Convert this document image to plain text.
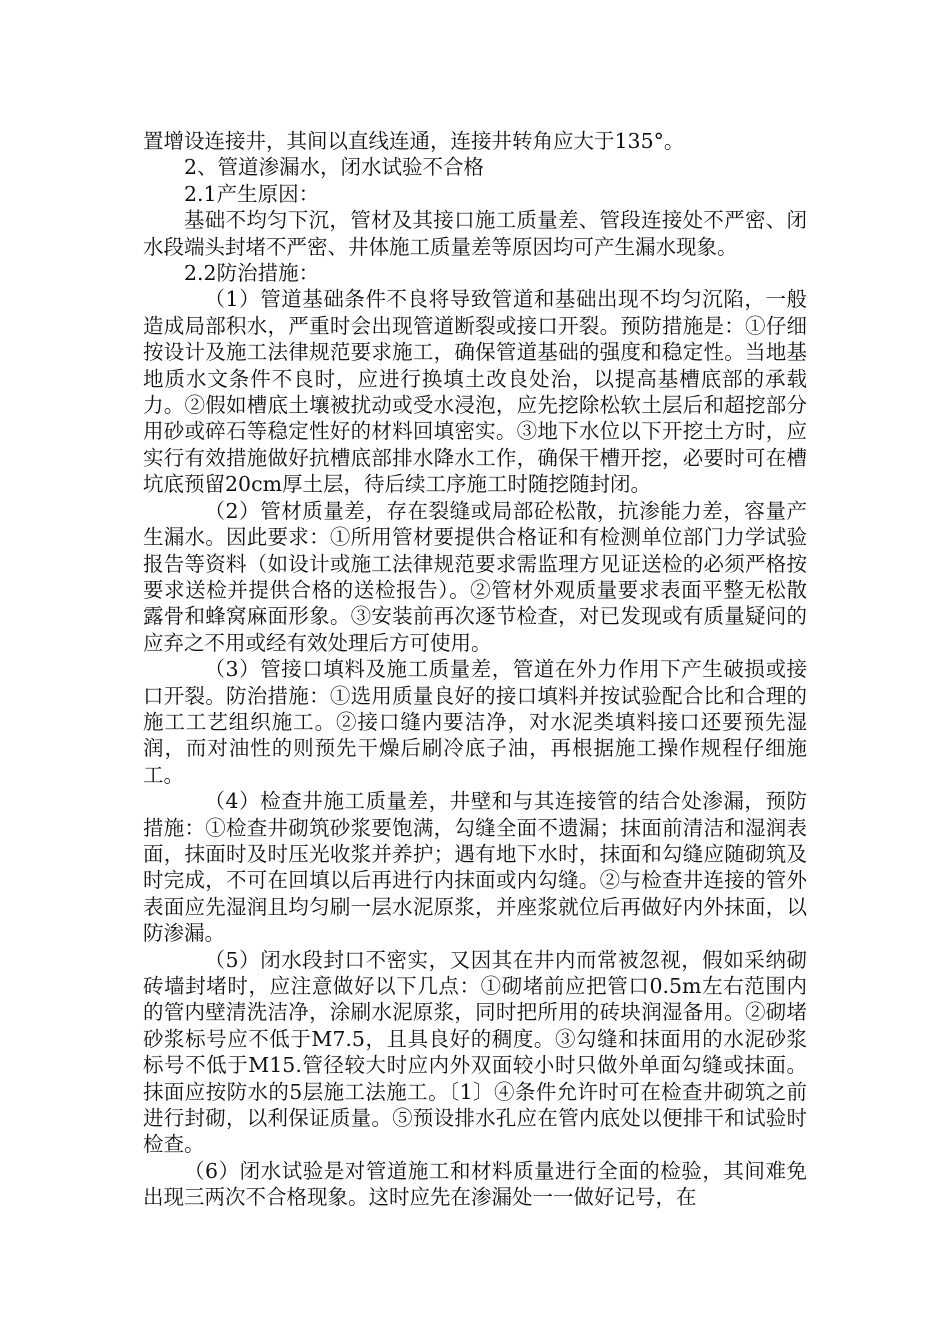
置增设连接井，其间以直线连通，连接井转角应大于135°。

2、管道渗漏水，闭水试验不合格

2.1产生原因：

基础不均匀下沉，管材及其接口施工质量差、管段连接处不严密、闭水段端头封堵不严密、井体施工质量差等原因均可产生漏水现象。

2.2防治措施：

（1）管道基础条件不良将导致管道和基础出现不均匀沉陷，一般造成局部积水，严重时会出现管道断裂或接口开裂。预防措施是：①仔细按设计及施工法律规范要求施工，确保管道基础的强度和稳定性。当地基地质水文条件不良时，应进行换填土改良处治，以提高基槽底部的承载力。②假如槽底土壤被扰动或受水浸泡，应先挖除松软土层后和超挖部分用砂或碎石等稳定性好的材料回填密实。③地下水位以下开挖土方时，应实行有效措施做好抗槽底部排水降水工作，确保干槽开挖，必要时可在槽坑底预留20cm厚土层，待后续工序施工时随挖随封闭。

（2）管材质量差，存在裂缝或局部砼松散，抗渗能力差，容量产生漏水。因此要求：①所用管材要提供合格证和有检测单位部门力学试验报告等资料（如设计或施工法律规范要求需监理方见证送检的必须严格按要求送检并提供合格的送检报告）。②管材外观质量要求表面平整无松散露骨和蜂窝麻面形象。③安装前再次逐节检查，对已发现或有质量疑问的应弃之不用或经有效处理后方可使用。

（3）管接口填料及施工质量差，管道在外力作用下产生破损或接口开裂。防治措施：①选用质量良好的接口填料并按试验配合比和合理的施工工艺组织施工。②接口缝内要洁净，对水泥类填料接口还要预先湿润，而对油性的则预先干燥后刷冷底子油，再根据施工操作规程仔细施工。

（4）检查井施工质量差，井壁和与其连接管的结合处渗漏，预防措施：①检查井砌筑砂浆要饱满，勾缝全面不遗漏；抹面前清洁和湿润表面，抹面时及时压光收浆并养护；遇有地下水时，抹面和勾缝应随砌筑及时完成，不可在回填以后再进行内抹面或内勾缝。②与检查井连接的管外表面应先湿润且均匀刷一层水泥原浆，并座浆就位后再做好内外抹面，以防渗漏。

（5）闭水段封口不密实，又因其在井内而常被忽视，假如采纳砌砖墙封堵时，应注意做好以下几点：①砌堵前应把管口0.5m左右范围内的管内壁清洗洁净，涂刷水泥原浆，同时把所用的砖块润湿备用。②砌堵砂浆标号应不低于M7.5，且具良好的稠度。③勾缝和抹面用的水泥砂浆标号不低于M15.管径较大时应内外双面较小时只做外单面勾缝或抹面。抹面应按防水的5层施工法施工。〔1〕④条件允许时可在检查井砌筑之前进行封砌，以利保证质量。⑤预设排水孔应在管内底处以便排干和试验时检查。

（6）闭水试验是对管道施工和材料质量进行全面的检验，其间难免出现三两次不合格现象。这时应先在渗漏处一一做好记号，在
